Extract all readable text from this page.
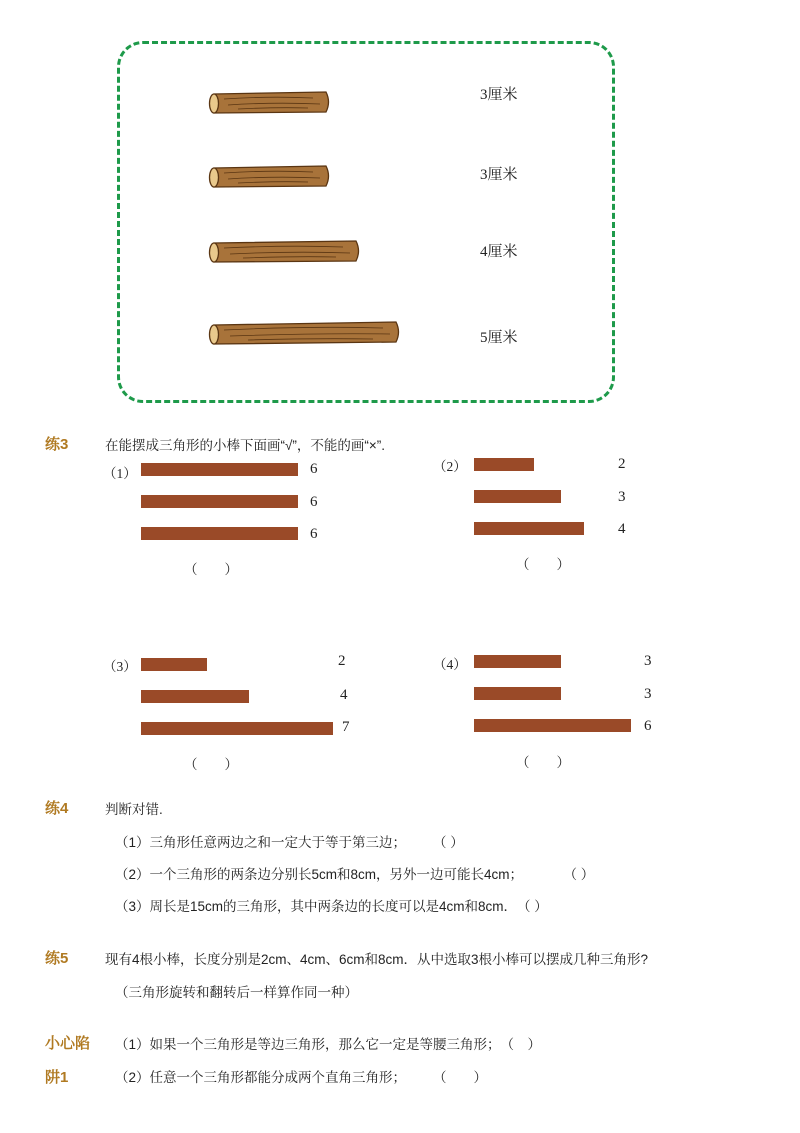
3厘米
3厘米
4厘米
5厘米
练3	在能摆成三角形的小棒下面画“√”，不能的画“×”.
（1）	6
6
6
（　　）
（2）	2
3
4
（　　）
（3）	2
4
7
（　　）
（4）	3
3
6
（　　）
练4	判断对错.
（1）三角形任意两边之和一定大于等于第三边；　　　（ ）
（2）一个三角形的两条边分别长5cm和8cm，另外一边可能长4cm；　　　　（ ）
（3）周长是15cm的三角形，其中两条边的长度可以是4cm和8cm．　（ ）
练5	现有4根小棒，长度分别是2cm、4cm、6cm和8cm．从中选取3根小棒可以摆成几种三角形?
（三角形旋转和翻转后一样算作同一种）
小心陷
阱1
（1）如果一个三角形是等边三角形，那么它一定是等腰三角形；　（　）
（2）任意一个三角形都能分成两个直角三角形；　　　（　　）
